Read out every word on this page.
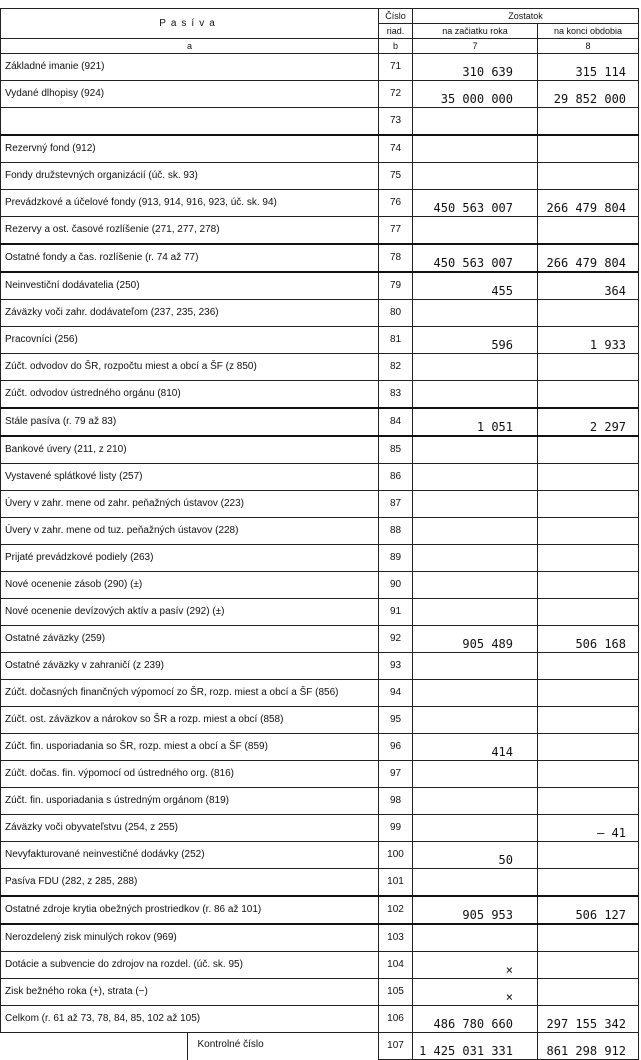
Pasíva	Číslo	Zostatok	
	riad.	na začiatku roka	na konci obdobia
a	b	7	8
Základné imanie (921)	71	310 639	315 114
Vydané dlhopisy (924)	72	35 000 000	29 852 000
	73		
Rezervný fond (912)	74		
Fondy družstevných organizácií (úč. sk. 93)	75		
Prevádzkové a účelové fondy (913, 914, 916, 923, úč. sk. 94)	76	450 563 007	266 479 804
Rezervy a ost. časové rozlíšenie (271, 277, 278)	77		
Ostatné fondy a čas. rozlíšenie (r. 74 až 77)	78	450 563 007	266 479 804
Neinvestiční dodávatelia (250)	79	455	364
Záväzky voči zahr. dodávateľom (237, 235, 236)	80		
Pracovníci (256)	81	596	1 933
Zúčt. odvodov do ŠR, rozpočtu miest a obcí a ŠF (z 850)	82		
Zúčt. odvodov ústredného orgánu (810)	83		
Stále pasíva (r. 79 až 83)	84	1 051	2 297
Bankové úvery (211, z 210)	85		
Vystavené splátkové listy (257)	86		
Úvery v zahr. mene od zahr. peňažných ústavov (223)	87		
Úvery v zahr. mene od tuz. peňažných ústavov (228)	88		
Prijaté prevádzkové podiely (263)	89		
Nové ocenenie zásob (290) (±)	90		
Nové ocenenie devízových aktív a pasív (292) (±)	91		
Ostatné záväzky (259)	92	905 489	506 168
Ostatné záväzky v zahraničí (z 239)	93		
Zúčt. dočasných finančných výpomocí zo ŠR, rozp. miest a obcí a ŠF (856)	94		
Zúčt. ost. záväzkov a nárokov so ŠR a rozp. miest a obcí (858)	95		
Zúčt. fin. usporiadania so ŠR, rozp. miest a obcí a ŠF (859)	96	414	
Zúčt. dočas. fin. výpomocí od ústredného org. (816)	97		
Zúčt. fin. usporiadania s ústredným orgánom (819)	98		
Záväzky voči obyvateľstvu (254, z 255)	99		— 41
Nevyfakturované neinvestičné dodávky (252)	100	50	
Pasíva FDU (282, z 285, 288)	101		
Ostatné zdroje krytia obežných prostriedkov (r. 86 až 101)	102	905 953	506 127
Nerozdelený zisk minulých rokov (969)	103		
Dotácie a subvencie do zdrojov na rozdel. (úč. sk. 95)	104	×	
Zisk bežného roka (+), strata (−)	105	×	
Celkom (r. 61 až 73, 78, 84, 85, 102 až 105)	106	486 780 660	297 155 342

Kontrolné číslo	107	1 425 031 331	861 298 912
